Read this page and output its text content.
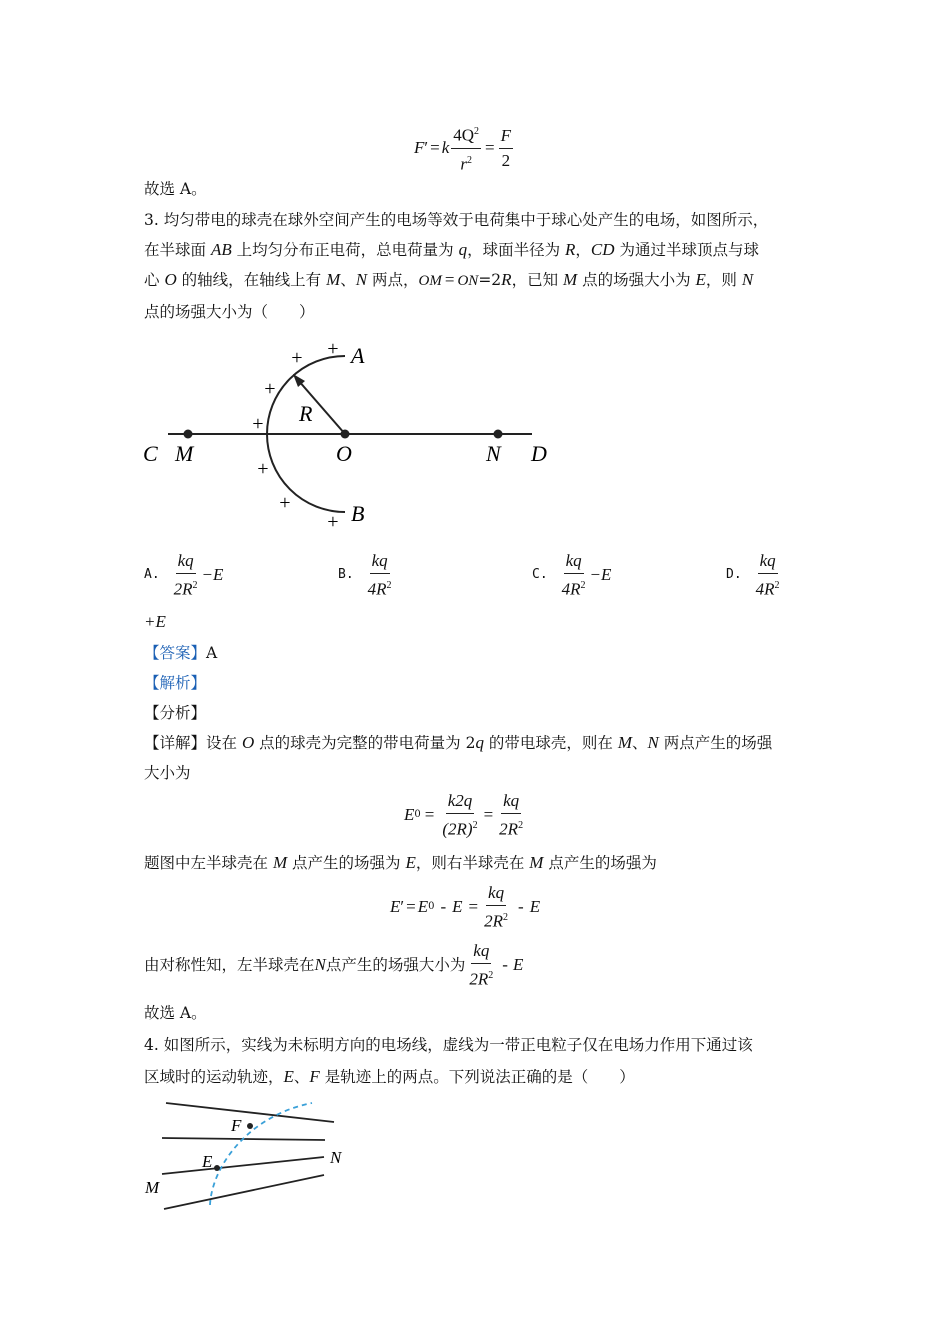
F ′ = k $\frac{4Q^2}{r^2} = \frac{F}{2}$
故选 A。
3. 均匀带电的球壳在球外空间产生的电场等效于电荷集中于球心处产生的电场，如图所示，
在半球面 AB 上均匀分布正电荷，总电荷量为 q，球面半径为 R，CD 为通过半球顶点与球
心 O 的轴线，在轴线上有 M、N 两点，OM = ON=2R，已知 M 点的场强大小为 E，则 N
点的场强大小为（　　）
A
B
C M	O	N D
R
+
+
+
+
+
+
+
A. $\frac{kq}{2R^2} -E$	B. $\frac{kq}{4R^2}$	C. $\frac{kq}{4R^2} -E$	D. $\frac{kq}{4R^2}$
+E
【答案】A
【解析】
【分析】
【详解】设在 O 点的球壳为完整的带电荷量为 2q 的带电球壳，则在 M、N 两点产生的场强
大小为
E $0 = \frac{k2q}{(2R)^2} = \frac{kq}{2R^2}$
题图中左半球壳在 M 点产生的场强为 E，则右半球壳在 M 点产生的场强为
E ′ = E $0 - E = \frac{kq}{2R^2} - E$
由对称性知，左半球壳在 N 点产生的场强大小为 $\frac{kq}{2R^2}$ - E
故选 A。
4. 如图所示，实线为未标明方向的电场线，虚线为一带正电粒子仅在电场力作用下通过该
区域时的运动轨迹，E、F 是轨迹上的两点。下列说法正确的是（　　）
F
E	N
M
